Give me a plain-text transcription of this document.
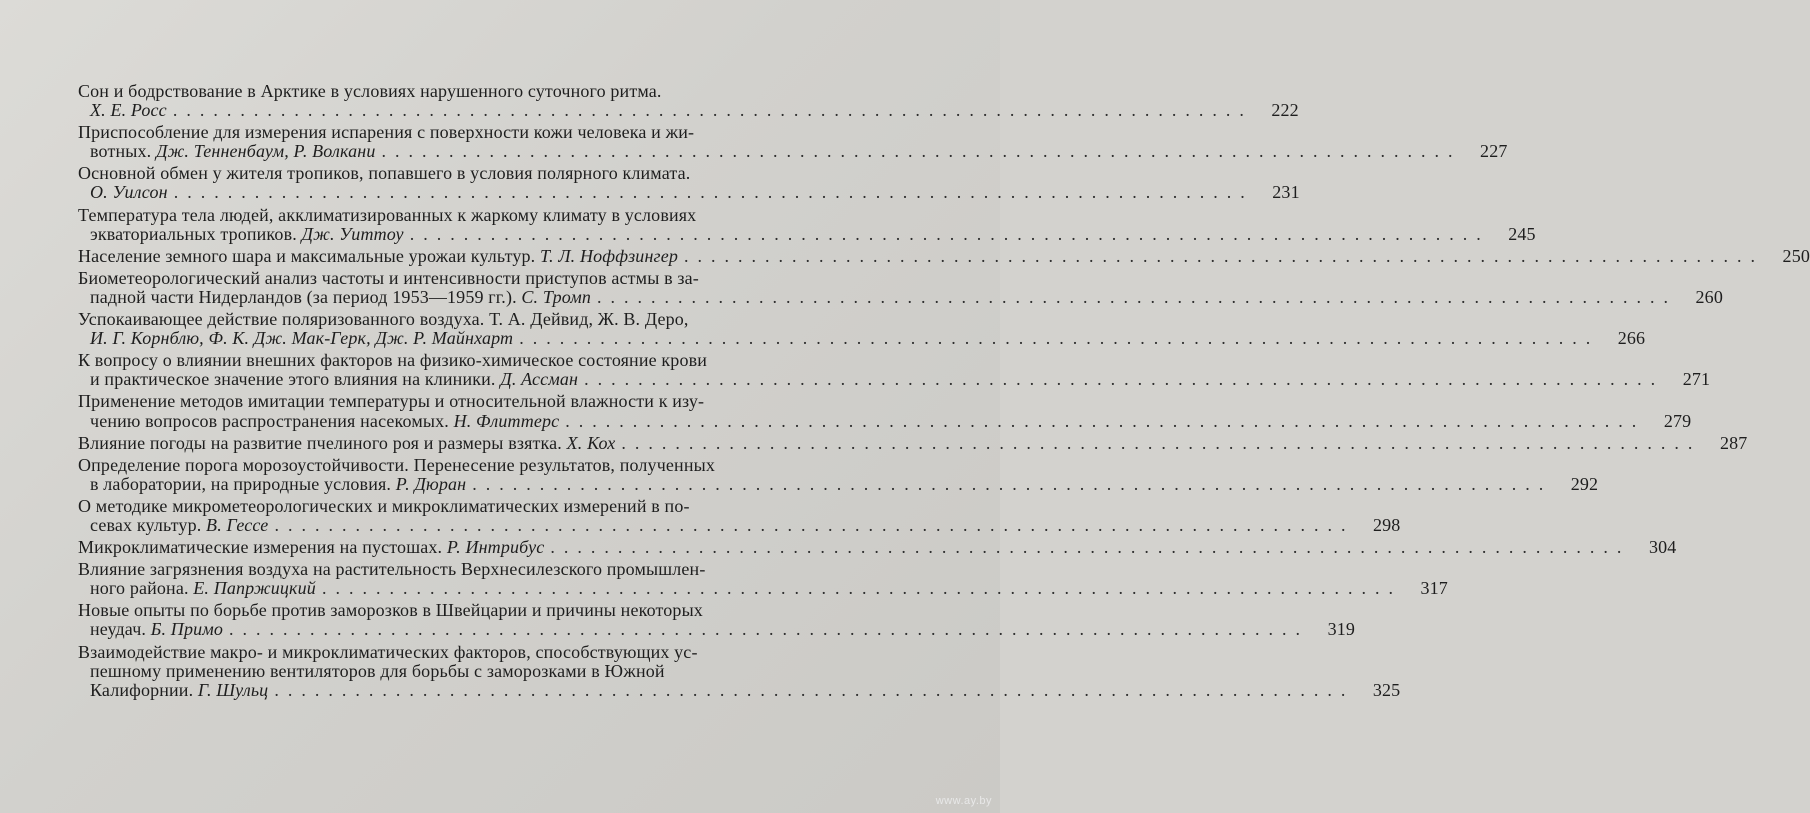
Сон и бодрствование в Арктике в условиях нарушенного суточного ритма.
Х. Е. Росс ................................................................................	222
Приспособление для измерения испарения с поверхности кожи человека и жи-
вотных. Дж. Тенненбаум, Р. Волкани ................................................................................	227
Основной обмен у жителя тропиков, попавшего в условия полярного климата.
О. Уилсон ................................................................................	231
Температура тела людей, акклиматизированных к жаркому климату в условиях
экваториальных тропиков. Дж. Уиттоу ................................................................................	245
Население земного шара и максимальные урожаи культур. Т. Л. Ноффзингер ................................................................................	250
Биометеорологический анализ частоты и интенсивности приступов астмы в за-
падной части Нидерландов (за период 1953—1959 гг.). С. Тромп ................................................................................	260
Успокаивающее действие поляризованного воздуха. Т. А. Дейвид, Ж. В. Деро,
И. Г. Корнблю, Ф. К. Дж. Мак-Герк, Дж. Р. Майнхарт ................................................................................	266
К вопросу о влиянии внешних факторов на физико-химическое состояние крови
и практическое значение этого влияния на клиники. Д. Ассман ................................................................................	271
Применение методов имитации температуры и относительной влажности к изу-
чению вопросов распространения насекомых. Н. Флиттерс ................................................................................	279
Влияние погоды на развитие пчелиного роя и размеры взятка. Х. Кох ................................................................................	287
Определение порога морозоустойчивости. Перенесение результатов, полученных
в лаборатории, на природные условия. Р. Дюран ................................................................................	292
О методике микрометеорологических и микроклиматических измерений в по-
севах культур. В. Гессе ................................................................................	298
Микроклиматические измерения на пустошах. Р. Интрибус ................................................................................	304
Влияние загрязнения воздуха на растительность Верхнесилезского промышлен-
ного района. Е. Папржицкий ................................................................................	317
Новые опыты по борьбе против заморозков в Швейцарии и причины некоторых
неудач. Б. Примо ................................................................................	319
Взаимодействие макро- и микроклиматических факторов, способствующих ус-
пешному применению вентиляторов для борьбы с заморозками в Южной
Калифорнии. Г. Шульц ................................................................................	325
www.ay.by
